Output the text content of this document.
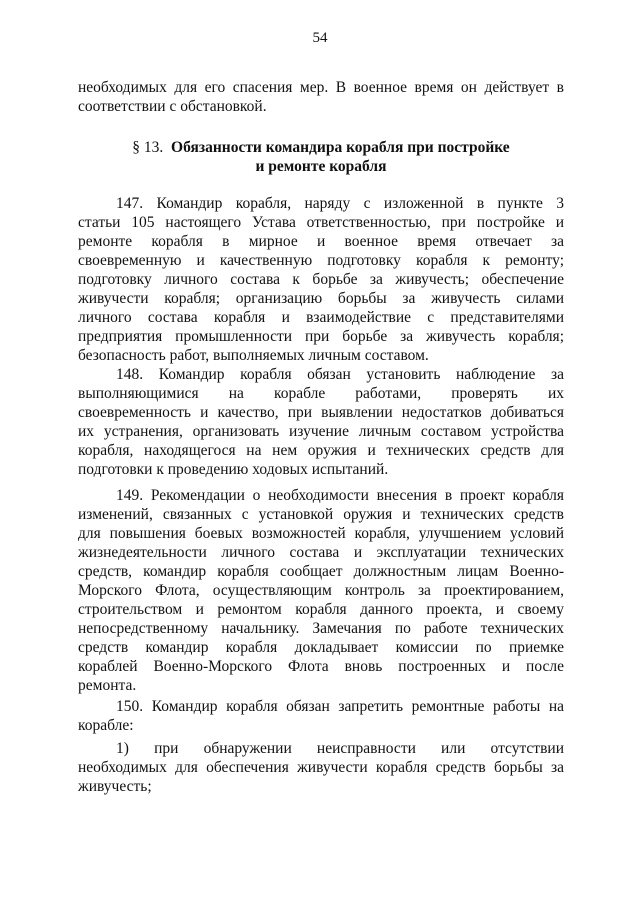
54

необходимых для его спасения мер. В военное время он действует в
соответствии с обстановкой.

§ 13. Обязанности командира корабля при постройке
и ремонте корабля

147. Командир корабля, наряду с изложенной в пункте 3
статьи 105 настоящего Устава ответственностью, при постройке и
ремонте корабля в мирное и военное время отвечает за
своевременную и качественную подготовку корабля к ремонту;
подготовку личного состава к борьбе за живучесть; обеспечение
живучести корабля; организацию борьбы за живучесть силами
личного состава корабля и взаимодействие с представителями
предприятия промышленности при борьбе за живучесть корабля;
безопасность работ, выполняемых личным составом.

148. Командир корабля обязан установить наблюдение за
выполняющимися на корабле работами, проверять их
своевременность и качество, при выявлении недостатков добиваться
их устранения, организовать изучение личным составом устройства
корабля, находящегося на нем оружия и технических средств для
подготовки к проведению ходовых испытаний.

149. Рекомендации о необходимости внесения в проект корабля
изменений, связанных с установкой оружия и технических средств
для повышения боевых возможностей корабля, улучшением условий
жизнедеятельности личного состава и эксплуатации технических
средств, командир корабля сообщает должностным лицам Военно-
Морского Флота, осуществляющим контроль за проектированием,
строительством и ремонтом корабля данного проекта, и своему
непосредственному начальнику. Замечания по работе технических
средств командир корабля докладывает комиссии по приемке
кораблей Военно-Морского Флота вновь построенных и после
ремонта.

150. Командир корабля обязан запретить ремонтные работы на
корабле:

1) при обнаружении неисправности или отсутствии
необходимых для обеспечения живучести корабля средств борьбы за
живучесть;
